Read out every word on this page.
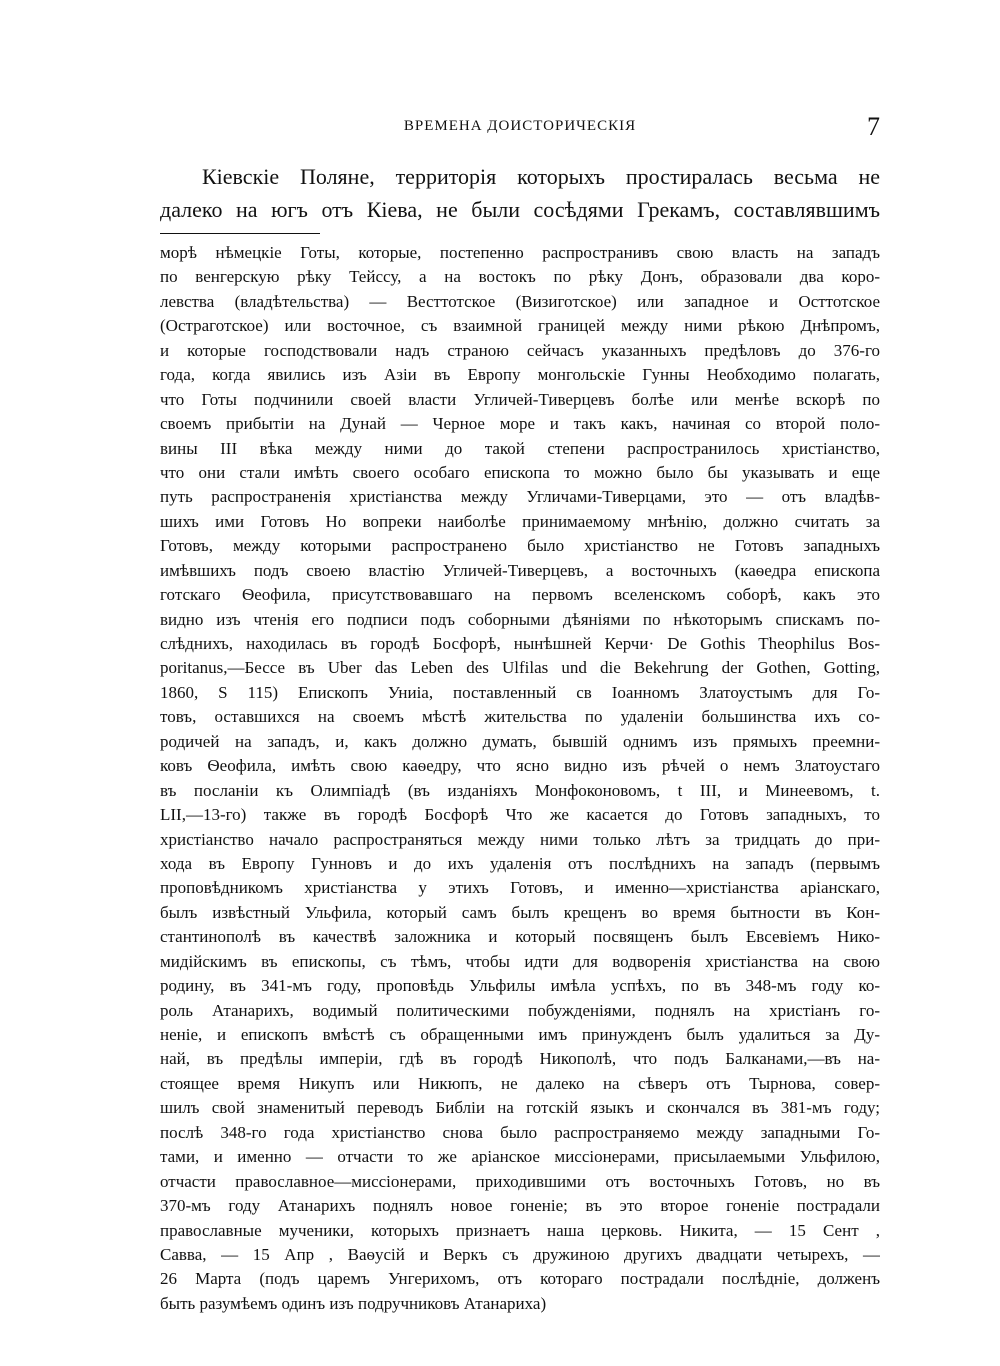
ВРЕМЕНА ДОИСТОРИЧЕСКІЯ	7
Кіевскіе Поляне, территорія которыхъ простиралась весьма не
далеко на югъ отъ Кіева, не были сосѣдями Грекамъ, составлявшимъ
морѣ нѣмецкіе Готы, которые, постепенно распространивъ свою власть на западъ
по венгерскую рѣку Тейссу, а на востокъ по рѣку Донъ, образовали два коро-
левства (владѣтельства) — Весттотское (Визиготское) или западное и Осттотское
(Остраготское) или восточное, съ взаимной границей между ними рѣкою Днѣпромъ,
и которые господствовали надъ страною сейчасъ указанныхъ предѣловъ до 376-го
года, когда явились изъ Азіи въ Европу монгольскіе Гунны Необходимо полагать,
что Готы подчинили своей власти Угличей-Тиверцевъ болѣе или менѣе вскорѣ по
своемъ прибытіи на Дунай — Черное море и такъ какъ, начиная со второй поло-
вины III вѣка между ними до такой степени распространилось христіанство,
что они стали имѣть своего особаго епископа то можно было бы указывать и еще
путь распространенія христіанства между Угличами-Тиверцами, это — отъ владѣв-
шихъ ими Готовъ Но вопреки наиболѣе принимаемому мнѣнію, должно считать за
Готовъ, между которыми распространено было христіанство не Готовъ западныхъ
имѣвшихъ подъ своею властію Угличей-Тиверцевъ, а восточныхъ (каѳедра епископа
готскаго Ѳеофила, присутствовавшаго на первомъ вселенскомъ соборѣ, какъ это
видно изъ чтенія его подписи подъ соборными дѣяніями по нѣкоторымъ спискамъ по-
слѣднихъ, находилась въ городѣ Босфорѣ, нынѣшней Керчи· De Gothis Theophilus Bos-
poritanus,—Бессе въ Uber das Leben des Ulfilas und die Bekehrung der Gothen, Gotting,
1860, S 115) Епископъ Униіа, поставленный св Іоанномъ Златоустымъ для Го-
товъ, оставшихся на своемъ мѣстѣ жительства по удаленіи большинства ихъ со-
родичей на западъ, и, какъ должно думать, бывшій однимъ изъ прямыхъ преемни-
ковъ Ѳеофила, имѣть свою каѳедру, что ясно видно изъ рѣчей о немъ Златоустаго
въ посланіи къ Олимпіадѣ (въ изданіяхъ Монфоконовомъ, t III, и Минеевомъ, t.
LII,—13-го) также въ городѣ Босфорѣ Что же касается до Готовъ западныхъ, то
христіанство начало распространяться между ними только лѣтъ за тридцать до при-
хода въ Европу Гунновъ и до ихъ удаленія отъ послѣднихъ на западъ (первымъ
проповѣдникомъ христіанства у этихъ Готовъ, и именно—христіанства аріанскаго,
былъ извѣстный Ульфила, который самъ былъ крещенъ во время бытности въ Кон-
стантинополѣ въ качествѣ заложника и который посвященъ былъ Евсевіемъ Нико-
мидійскимъ въ епископы, съ тѣмъ, чтобы идти для водворенія христіанства на свою
родину, въ 341-мъ году, проповѣдь Ульфилы имѣла успѣхъ, по въ 348-мъ году ко-
роль Атанарихъ, водимый политическими побужденіями, поднялъ на христіанъ го-
неніе, и епископъ вмѣстѣ съ обращенными имъ принужденъ былъ удалиться за Ду-
най, въ предѣлы имперіи, гдѣ въ городѣ Никополѣ, что подъ Балканами,—въ на-
стоящее время Никупъ или Никюпъ, не далеко на сѣверъ отъ Тырнова, совер-
шилъ свой знаменитый переводъ Библіи на готскій языкъ и скончался въ 381-мъ году;
послѣ 348-го года христіанство снова было распространяемо между западными Го-
тами, и именно — отчасти то же аріанское миссіонерами, присылаемыми Ульфилою,
отчасти православное—миссіонерами, приходившими отъ восточныхъ Готовъ, но въ
370-мъ году Атанарихъ поднялъ новое гоненіе; въ это второе гоненіе пострадали
православные мученики, которыхъ признаетъ наша церковь. Никита, — 15 Сент ,
Савва, — 15 Апр , Ваѳусій и Веркъ съ дружиною другихъ двадцати четырехъ, —
26 Марта (подъ царемъ Унгерихомъ, отъ котораго пострадали послѣдніе, долженъ
быть разумѣемъ одинъ изъ подручниковъ Атанариха)
